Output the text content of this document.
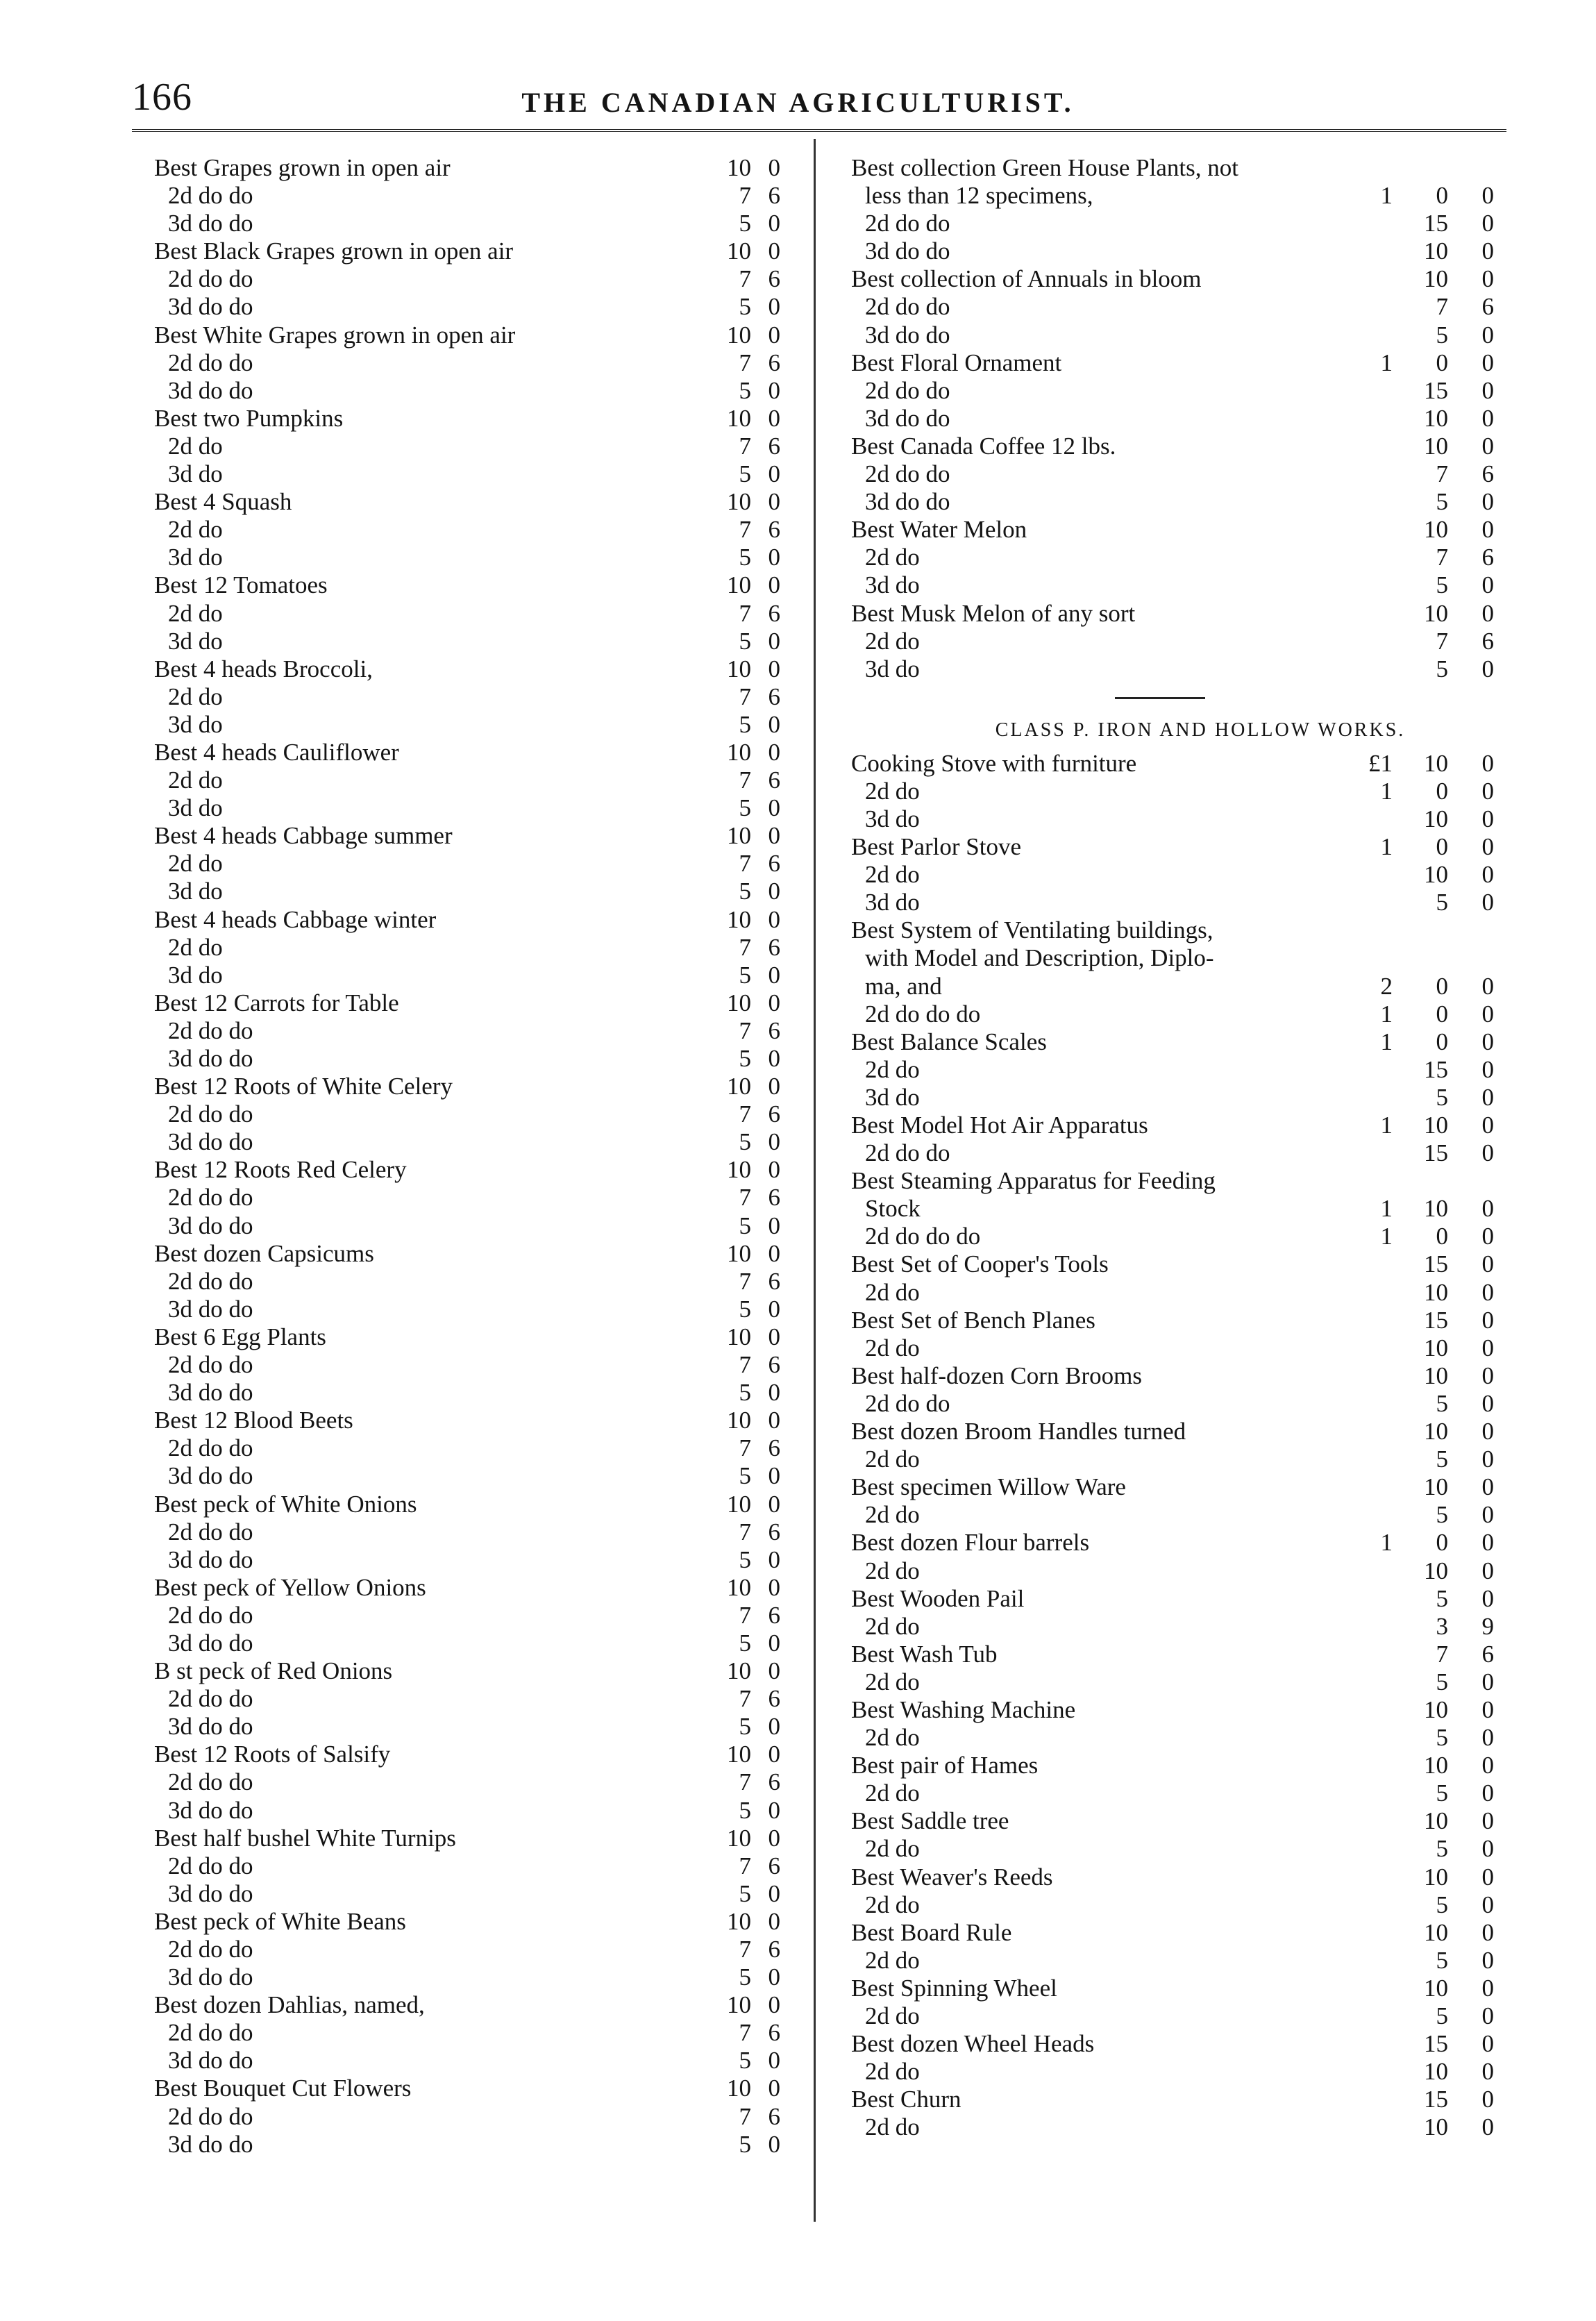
166	THE CANADIAN AGRICULTURIST.
Best Grapes grown in open air	10 0
2d do do	7 6
3d do do	5 0
Best Black Grapes grown in open air	10 0
2d do do	7 6
3d do do	5 0
Best White Grapes grown in open air	10 0
2d do do	7 6
3d do do	5 0
Best two Pumpkins	10 0
2d do	7 6
3d do	5 0
Best 4 Squash	10 0
2d do	7 6
3d do	5 0
Best 12 Tomatoes	10 0
2d do	7 6
3d do	5 0
Best 4 heads Broccoli,	10 0
2d do	7 6
3d do	5 0
Best 4 heads Cauliflower	10 0
2d do	7 6
3d do	5 0
Best 4 heads Cabbage summer	10 0
2d do	7 6
3d do	5 0
Best 4 heads Cabbage winter	10 0
2d do	7 6
3d do	5 0
Best 12 Carrots for Table	10 0
2d do do	7 6
3d do do	5 0
Best 12 Roots of White Celery	10 0
2d do do	7 6
3d do do	5 0
Best 12 Roots Red Celery	10 0
2d do do	7 6
3d do do	5 0
Best dozen Capsicums	10 0
2d do do	7 6
3d do do	5 0
Best 6 Egg Plants	10 0
2d do do	7 6
3d do do	5 0
Best 12 Blood Beets	10 0
2d do do	7 6
3d do do	5 0
Best peck of White Onions	10 0
2d do do	7 6
3d do do	5 0
Best peck of Yellow Onions	10 0
2d do do	7 6
3d do do	5 0
B st peck of Red Onions	10 0
2d do do	7 6
3d do do	5 0
Best 12 Roots of Salsify	10 0
2d do do	7 6
3d do do	5 0
Best half bushel White Turnips	10 0
2d do do	7 6
3d do do	5 0
Best peck of White Beans	10 0
2d do do	7 6
3d do do	5 0
Best dozen Dahlias, named,	10 0
2d do do	7 6
3d do do	5 0
Best Bouquet Cut Flowers	10 0
2d do do	7 6
3d do do	5 0
Best collection Green House Plants, not
less than 12 specimens,	1	0	0
2d do do	15	0
3d do do	10	0
Best collection of Annuals in bloom	10	0
2d do do	7	6
3d do do	5	0
Best Floral Ornament	1	0	0
2d do do	15	0
3d do do	10	0
Best Canada Coffee 12 lbs.	10	0
2d do do	7	6
3d do do	5	0
Best Water Melon	10	0
2d do	7	6
3d do	5	0
Best Musk Melon of any sort	10	0
2d do	7	6
3d do	5	0
CLASS P. IRON AND HOLLOW WORKS.
Cooking Stove with furniture	£1	10	0
2d do	1	0	0
3d do	10	0
Best Parlor Stove	1	0	0
2d do	10	0
3d do	5	0
Best System of Ventilating buildings,
with Model and Description, Diplo-
ma, and	2	0	0
2d do do do	1	0	0
Best Balance Scales	1	0	0
2d do	15	0
3d do	5	0
Best Model Hot Air Apparatus	1	10	0
2d do do	15	0
Best Steaming Apparatus for Feeding
Stock	1	10	0
2d do do do	1	0	0
Best Set of Cooper's Tools	15	0
2d do	10	0
Best Set of Bench Planes	15	0
2d do	10	0
Best half-dozen Corn Brooms	10	0
2d do do	5	0
Best dozen Broom Handles turned	10	0
2d do	5	0
Best specimen Willow Ware	10	0
2d do	5	0
Best dozen Flour barrels	1	0	0
2d do	10	0
Best Wooden Pail	5	0
2d do	3	9
Best Wash Tub	7	6
2d do	5	0
Best Washing Machine	10	0
2d do	5	0
Best pair of Hames	10	0
2d do	5	0
Best Saddle tree	10	0
2d do	5	0
Best Weaver's Reeds	10	0
2d do	5	0
Best Board Rule	10	0
2d do	5	0
Best Spinning Wheel	10	0
2d do	5	0
Best dozen Wheel Heads	15	0
2d do	10	0
Best Churn	15	0
2d do	10	0
